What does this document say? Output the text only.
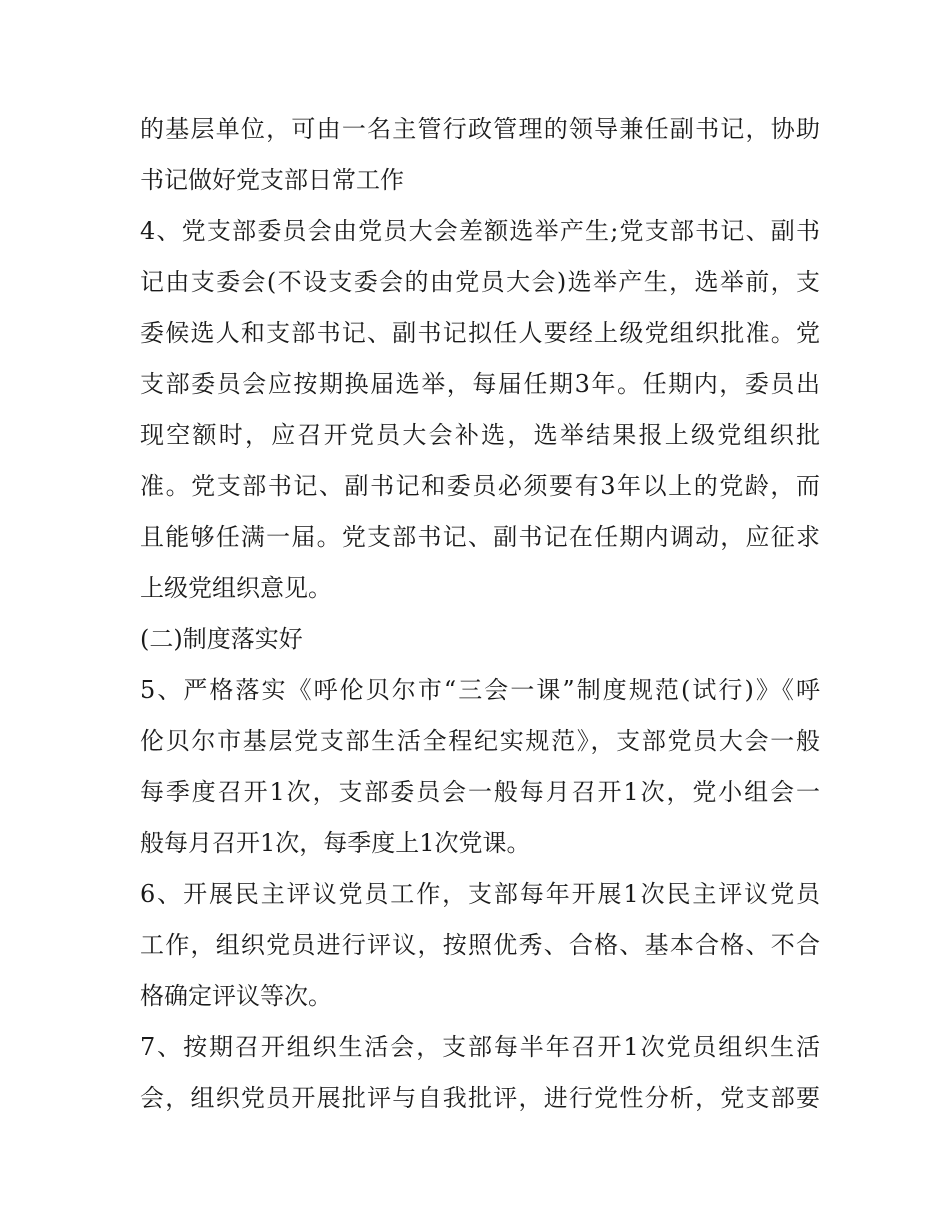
的基层单位，可由一名主管行政管理的领导兼任副书记，协助
书记做好党支部日常工作
4、党支部委员会由党员大会差额选举产生;党支部书记、副书
记由支委会(不设支委会的由党员大会)选举产生，选举前，支
委候选人和支部书记、副书记拟任人要经上级党组织批准。党
支部委员会应按期换届选举，每届任期3年。任期内，委员出
现空额时，应召开党员大会补选，选举结果报上级党组织批
准。党支部书记、副书记和委员必须要有3年以上的党龄，而
且能够任满一届。党支部书记、副书记在任期内调动，应征求
上级党组织意见。
(二)制度落实好
5、严格落实《呼伦贝尔市“三会一课”制度规范(试行)》《呼
伦贝尔市基层党支部生活全程纪实规范》，支部党员大会一般
每季度召开1次，支部委员会一般每月召开1次，党小组会一
般每月召开1次，每季度上1次党课。
6、开展民主评议党员工作，支部每年开展1次民主评议党员
工作，组织党员进行评议，按照优秀、合格、基本合格、不合
格确定评议等次。
7、按期召开组织生活会，支部每半年召开1次党员组织生活
会，组织党员开展批评与自我批评，进行党性分析，党支部要
